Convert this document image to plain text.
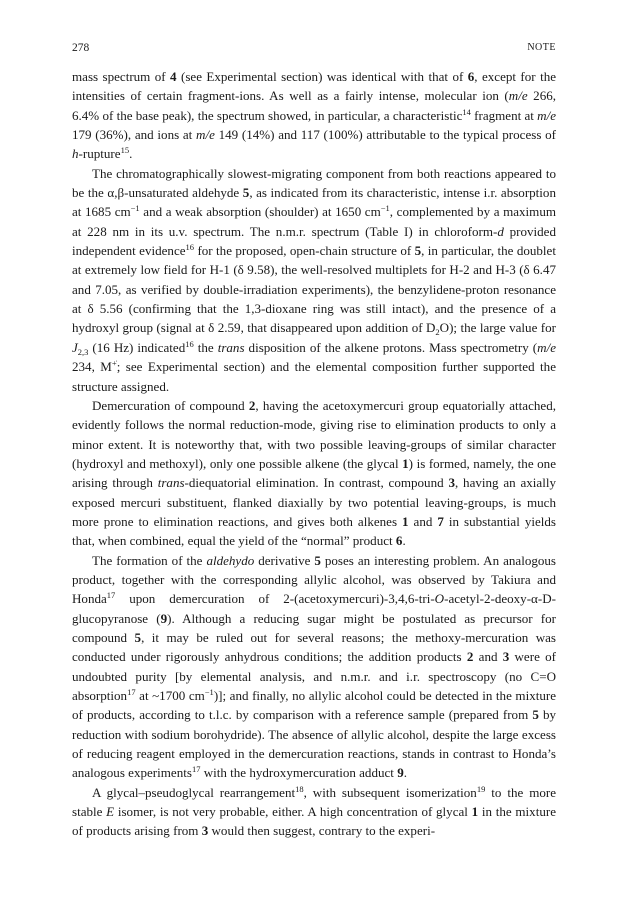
278	NOTE

mass spectrum of 4 (see Experimental section) was identical with that of 6, except for the intensities of certain fragment-ions. As well as a fairly intense, molecular ion (m/e 266, 6.4% of the base peak), the spectrum showed, in particular, a characteristic$^{14}$ fragment at m/e 179 (36%), and ions at m/e 149 (14%) and 117 (100%) attributable to the typical process of h-rupture$^{15}$.

The chromatographically slowest-migrating component from both reactions appeared to be the α,β-unsaturated aldehyde 5, as indicated from its characteristic, intense i.r. absorption at 1685 $cm^{-1}$ and a weak absorption (shoulder) at 1650 $cm^{-1}$, complemented by a maximum at 228 nm in its u.v. spectrum. The n.m.r. spectrum (Table I) in chloroform-d provided independent evidence$^{16}$ for the proposed, open-chain structure of 5, in particular, the doublet at extremely low field for H-1 (δ 9.58), the well-resolved multiplets for H-2 and H-3 (δ 6.47 and 7.05, as verified by double-irradiation experiments), the benzylidene-proton resonance at δ 5.56 (confirming that the 1,3-dioxane ring was still intact), and the presence of a hydroxyl group (signal at δ 2.59, that disappeared upon addition of $D_2O$); the large value for $J_{2,3}$ (16 Hz) indicated$^{16}$ the trans disposition of the alkene protons. Mass spectrometry (m/e 234, M+̇; see Experimental section) and the elemental composition further supported the structure assigned.

Demercuration of compound 2, having the acetoxymercuri group equatorially attached, evidently follows the normal reduction-mode, giving rise to elimination products to only a minor extent. It is noteworthy that, with two possible leaving-groups of similar character (hydroxyl and methoxyl), only one possible alkene (the glycal 1) is formed, namely, the one arising through trans-diequatorial elimination. In contrast, compound 3, having an axially exposed mercuri substituent, flanked diaxially by two potential leaving-groups, is much more prone to elimination reactions, and gives both alkenes 1 and 7 in substantial yields that, when combined, equal the yield of the “normal” product 6.

The formation of the aldehydo derivative 5 poses an interesting problem. An analogous product, together with the corresponding allylic alcohol, was observed by Takiura and Honda$^{17}$ upon demercuration of 2-(acetoxymercuri)-3,4,6-tri-O-acetyl-2-deoxy-α-D-glucopyranose (9). Although a reducing sugar might be postulated as precursor for compound 5, it may be ruled out for several reasons; the methoxy-mercuration was conducted under rigorously anhydrous conditions; the addition products 2 and 3 were of undoubted purity [by elemental analysis, and n.m.r. and i.r. spectroscopy (no C=O absorption$^{17}$ at ~1700 $cm^{-1}$)]; and finally, no allylic alcohol could be detected in the mixture of products, according to t.l.c. by comparison with a reference sample (prepared from 5 by reduction with sodium borohydride). The absence of allylic alcohol, despite the large excess of reducing reagent employed in the demercuration reactions, stands in contrast to Honda’s analogous experiments$^{17}$ with the hydroxymercuration adduct 9.

A glycal–pseudoglycal rearrangement$^{18}$, with subsequent isomerization$^{19}$ to the more stable E isomer, is not very probable, either. A high concentration of glycal 1 in the mixture of products arising from 3 would then suggest, contrary to the experi-
